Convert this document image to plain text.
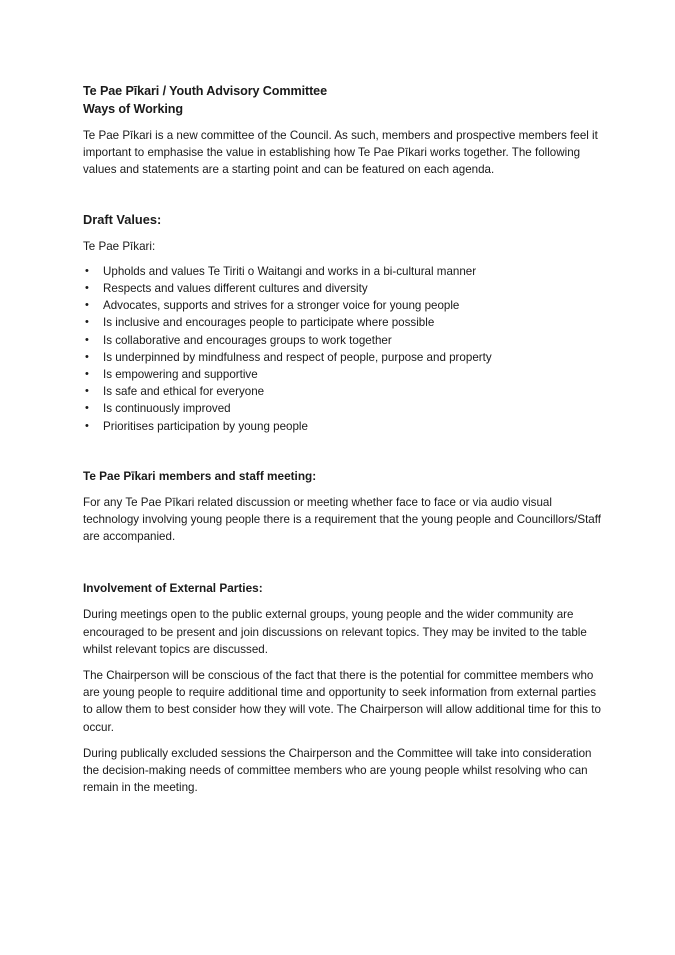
Te Pae Pīkari / Youth Advisory Committee
Ways of Working

Te Pae Pīkari is a new committee of the Council. As such, members and prospective members feel it important to emphasise the value in establishing how Te Pae Pīkari works together. The following values and statements are a starting point and can be featured on each agenda.

Draft Values:

Te Pae Pīkari:

• Upholds and values Te Tiriti o Waitangi and works in a bi-cultural manner
• Respects and values different cultures and diversity
• Advocates, supports and strives for a stronger voice for young people
• Is inclusive and encourages people to participate where possible
• Is collaborative and encourages groups to work together
• Is underpinned by mindfulness and respect of people, purpose and property
• Is empowering and supportive
• Is safe and ethical for everyone
• Is continuously improved
• Prioritises participation by young people
Te Pae Pīkari members and staff meeting:

For any Te Pae Pīkari related discussion or meeting whether face to face or via audio visual technology involving young people there is a requirement that the young people and Councillors/Staff are accompanied.

Involvement of External Parties:

During meetings open to the public external groups, young people and the wider community are encouraged to be present and join discussions on relevant topics. They may be invited to the table whilst relevant topics are discussed.

The Chairperson will be conscious of the fact that there is the potential for committee members who are young people to require additional time and opportunity to seek information from external parties to allow them to best consider how they will vote. The Chairperson will allow additional time for this to occur.

During publically excluded sessions the Chairperson and the Committee will take into consideration the decision-making needs of committee members who are young people whilst resolving who can remain in the meeting.
